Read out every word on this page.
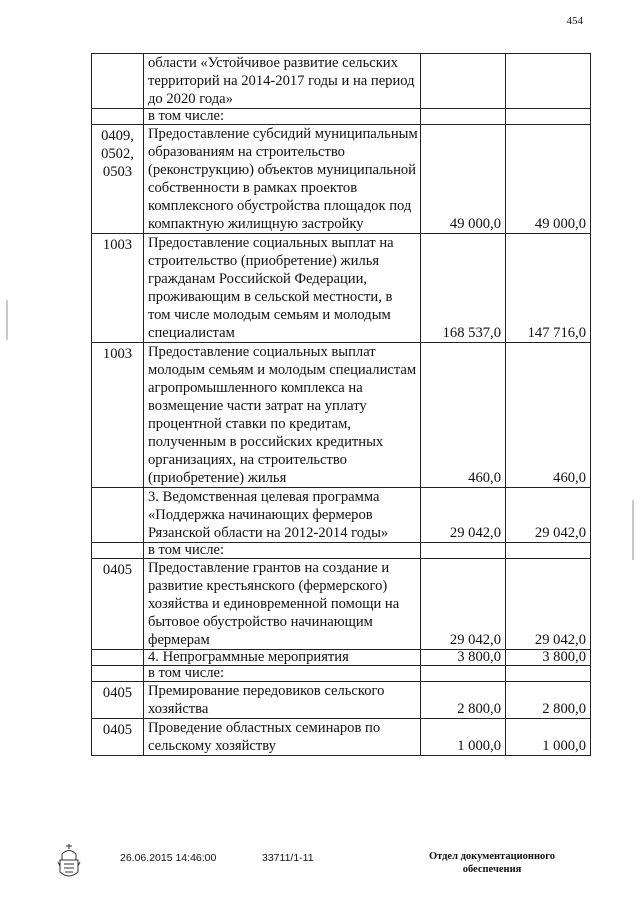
454
	области «Устойчивое развитие сельских территорий на 2014-2017 годы и на период до 2020 года»		
	в том числе:		
0409, 0502, 0503	Предоставление субсидий муниципальным образованиям на строительство (реконструкцию) объектов муниципальной собственности в рамках проектов комплексного обустройства площадок под компактную жилищную застройку	49 000,0	49 000,0
1003	Предоставление социальных выплат на строительство (приобретение) жилья гражданам Российской Федерации, проживающим в сельской местности, в том числе молодым семьям и молодым специалистам	168 537,0	147 716,0
1003	Предоставление социальных выплат молодым семьям и молодым специалистам агропромышленного комплекса на возмещение части затрат на уплату процентной ставки по кредитам, полученным в российских кредитных организациях, на строительство (приобретение) жилья	460,0	460,0
	3. Ведомственная целевая программа «Поддержка начинающих фермеров Рязанской области на 2012-2014 годы»	29 042,0	29 042,0
	в том числе:		
0405	Предоставление грантов на создание и развитие крестьянского (фермерского) хозяйства и единовременной помощи на бытовое обустройство начинающим фермерам	29 042,0	29 042,0
	4. Непрограммные мероприятия	3 800,0	3 800,0
	в том числе:		
0405	Премирование передовиков сельского хозяйства	2 800,0	2 800,0
0405	Проведение областных семинаров по сельскому хозяйству	1 000,0	1 000,0
26.06.2015 14:46:00	33711/1-11	Отдел документационного
обеспечения
